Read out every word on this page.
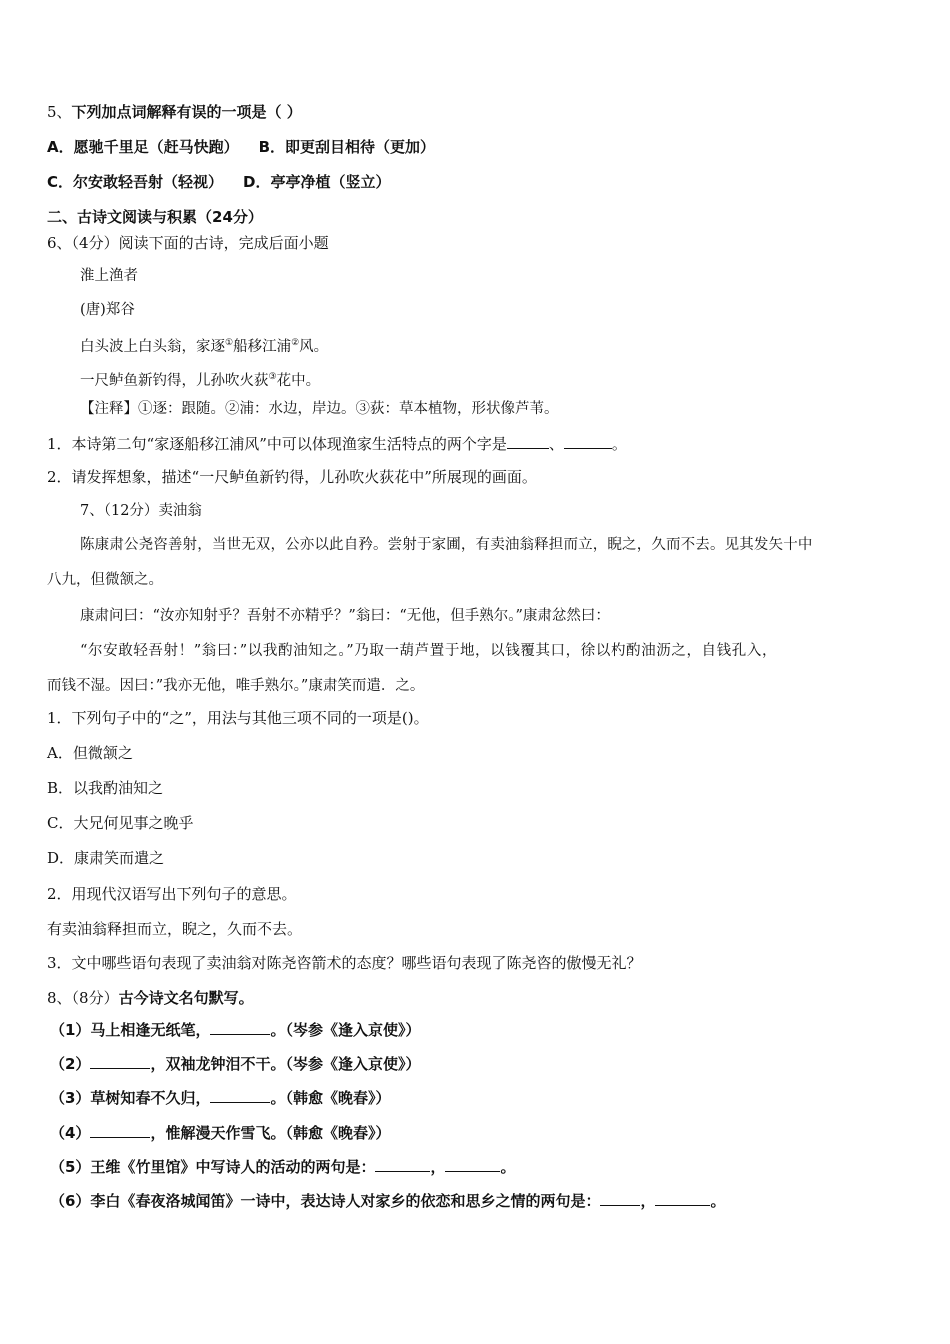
5、下列加点词解释有误的一项是（ ）
A．愿驰千里足（赶马快跑） B．即更刮目相待（更加）
C．尔安敢轻吾射（轻视） D．亭亭净植（竖立）
二、古诗文阅读与积累（24分）
6、（4分）阅读下面的古诗，完成后面小题
淮上渔者
(唐)郑谷
白头波上白头翁，家逐①船移江浦②风。
一尺鲈鱼新钓得，儿孙吹火荻③花中。
【注释】①逐：跟随。②浦：水边，岸边。③荻：草本植物，形状像芦苇。
1．本诗第二句“家逐船移江浦风”中可以体现渔家生活特点的两个字是	、	。
2．请发挥想象，描述“一尺鲈鱼新钓得，儿孙吹火荻花中”所展现的画面。
7、（12分）卖油翁
陈康肃公尧咨善射，当世无双，公亦以此自矜。尝射于家圃，有卖油翁释担而立，睨之，久而不去。见其发矢十中
八九，但微颔之。
康肃问曰：“汝亦知射乎？吾射不亦精乎？”翁曰：“无他，但手熟尔。”康肃忿然曰：
“尔安敢轻吾射！”翁曰：”以我酌油知之。”乃取一葫芦置于地，以钱覆其口，徐以杓酌油沥之，自钱孔入，
而钱不湿。因曰：”我亦无他，唯手熟尔。”康肃笑而遣．之。
1．下列句子中的“之”，用法与其他三项不同的一项是()。
A．但微颔之
B．以我酌油知之
C．大兄何见事之晚乎
D．康肃笑而遣之
2．用现代汉语写出下列句子的意思。
有卖油翁释担而立，睨之，久而不去。
3．文中哪些语句表现了卖油翁对陈尧咨箭术的态度？哪些语句表现了陈尧咨的傲慢无礼？
8、（8分）古今诗文名句默写。
（1）马上相逢无纸笔，	。（岑参《逢入京使》）
（2）	，双袖龙钟泪不干。（岑参《逢入京使》）
（3）草树知春不久归，	。（韩愈《晚春》）
（4）	，惟解漫天作雪飞。（韩愈《晚春》）
（5）王维《竹里馆》中写诗人的活动的两句是：	，	。
（6）李白《春夜洛城闻笛》一诗中，表达诗人对家乡的依恋和思乡之情的两句是：	，	。
